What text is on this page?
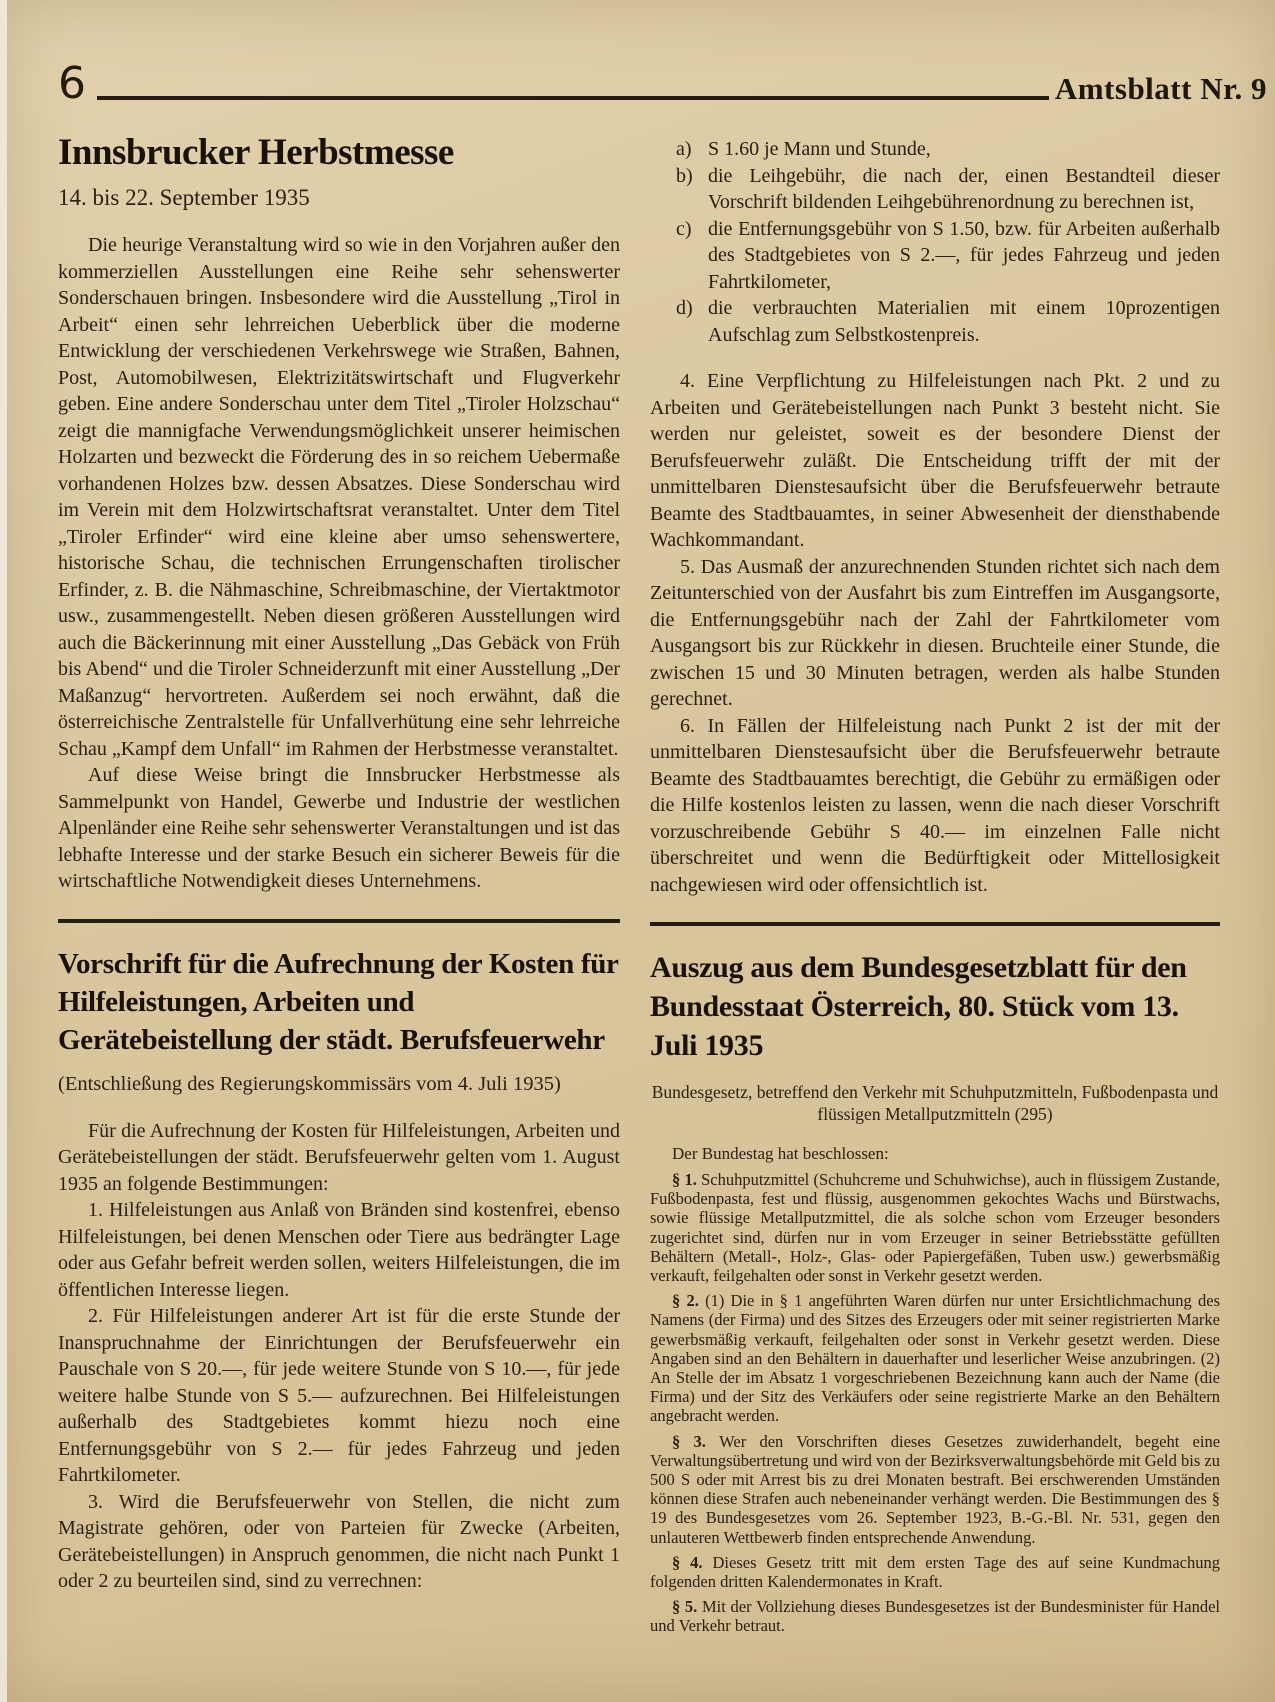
6	Amtsblatt Nr. 9
Innsbrucker Herbstmesse

14. bis 22. September 1935

Die heurige Veranstaltung wird so wie in den Vorjahren außer den kommerziellen Ausstellungen eine Reihe sehr sehenswerter Sonderschauen bringen. Insbesondere wird die Ausstellung „Tirol in Arbeit“ einen sehr lehrreichen Ueberblick über die moderne Entwicklung der verschiedenen Verkehrswege wie Straßen, Bahnen, Post, Automobilwesen, Elektrizitätswirtschaft und Flugverkehr geben. Eine andere Sonderschau unter dem Titel „Tiroler Holzschau“ zeigt die mannigfache Verwendungsmöglichkeit unserer heimischen Holzarten und bezweckt die Förderung des in so reichem Uebermaße vorhandenen Holzes bzw. dessen Absatzes. Diese Sonderschau wird im Verein mit dem Holzwirtschaftsrat veranstaltet. Unter dem Titel „Tiroler Erfinder“ wird eine kleine aber umso sehenswertere, historische Schau, die technischen Errungenschaften tirolischer Erfinder, z. B. die Nähmaschine, Schreibmaschine, der Viertaktmotor usw., zusammengestellt. Neben diesen größeren Ausstellungen wird auch die Bäckerinnung mit einer Ausstellung „Das Gebäck von Früh bis Abend“ und die Tiroler Schneiderzunft mit einer Ausstellung „Der Maßanzug“ hervortreten. Außerdem sei noch erwähnt, daß die österreichische Zentralstelle für Unfallverhütung eine sehr lehrreiche Schau „Kampf dem Unfall“ im Rahmen der Herbstmesse veranstaltet.

Auf diese Weise bringt die Innsbrucker Herbstmesse als Sammelpunkt von Handel, Gewerbe und Industrie der westlichen Alpenländer eine Reihe sehr sehenswerter Veranstaltungen und ist das lebhafte Interesse und der starke Besuch ein sicherer Beweis für die wirtschaftliche Notwendigkeit dieses Unternehmens.

Vorschrift für die Aufrechnung der Kosten für Hilfeleistungen, Arbeiten und Gerätebeistellung der städt. Berufsfeuerwehr

(Entschließung des Regierungskommissärs vom 4. Juli 1935)

Für die Aufrechnung der Kosten für Hilfeleistungen, Arbeiten und Gerätebeistellungen der städt. Berufsfeuerwehr gelten vom 1. August 1935 an folgende Bestimmungen:

1. Hilfeleistungen aus Anlaß von Bränden sind kostenfrei, ebenso Hilfeleistungen, bei denen Menschen oder Tiere aus bedrängter Lage oder aus Gefahr befreit werden sollen, weiters Hilfeleistungen, die im öffentlichen Interesse liegen.

2. Für Hilfeleistungen anderer Art ist für die erste Stunde der Inanspruchnahme der Einrichtungen der Berufsfeuerwehr ein Pauschale von S 20.—, für jede weitere Stunde von S 10.—, für jede weitere halbe Stunde von S 5.— aufzurechnen. Bei Hilfeleistungen außerhalb des Stadtgebietes kommt hiezu noch eine Entfernungsgebühr von S 2.— für jedes Fahrzeug und jeden Fahrtkilometer.

3. Wird die Berufsfeuerwehr von Stellen, die nicht zum Magistrate gehören, oder von Parteien für Zwecke (Arbeiten, Gerätebeistellungen) in Anspruch genommen, die nicht nach Punkt 1 oder 2 zu beurteilen sind, sind zu verrechnen:

a) S 1.60 je Mann und Stunde,

b) die Leihgebühr, die nach der, einen Bestandteil dieser Vorschrift bildenden Leihgebührenordnung zu berechnen ist,

c) die Entfernungsgebühr von S 1.50, bzw. für Arbeiten außerhalb des Stadtgebietes von S 2.—, für jedes Fahrzeug und jeden Fahrtkilometer,

d) die verbrauchten Materialien mit einem 10prozentigen Aufschlag zum Selbstkostenpreis.

4. Eine Verpflichtung zu Hilfeleistungen nach Pkt. 2 und zu Arbeiten und Gerätebeistellungen nach Punkt 3 besteht nicht. Sie werden nur geleistet, soweit es der besondere Dienst der Berufsfeuerwehr zuläßt. Die Entscheidung trifft der mit der unmittelbaren Dienstesaufsicht über die Berufsfeuerwehr betraute Beamte des Stadtbauamtes, in seiner Abwesenheit der diensthabende Wachkommandant.

5. Das Ausmaß der anzurechnenden Stunden richtet sich nach dem Zeitunterschied von der Ausfahrt bis zum Eintreffen im Ausgangsorte, die Entfernungsgebühr nach der Zahl der Fahrtkilometer vom Ausgangsort bis zur Rückkehr in diesen. Bruchteile einer Stunde, die zwischen 15 und 30 Minuten betragen, werden als halbe Stunden gerechnet.

6. In Fällen der Hilfeleistung nach Punkt 2 ist der mit der unmittelbaren Dienstesaufsicht über die Berufsfeuerwehr betraute Beamte des Stadtbauamtes berechtigt, die Gebühr zu ermäßigen oder die Hilfe kostenlos leisten zu lassen, wenn die nach dieser Vorschrift vorzuschreibende Gebühr S 40.— im einzelnen Falle nicht überschreitet und wenn die Bedürftigkeit oder Mittellosigkeit nachgewiesen wird oder offensichtlich ist.

Auszug aus dem Bundesgesetzblatt für den Bundesstaat Österreich, 80. Stück vom 13. Juli 1935

Bundesgesetz, betreffend den Verkehr mit Schuhputzmitteln, Fußbodenpasta und flüssigen Metallputzmitteln (295)

Der Bundestag hat beschlossen:

§ 1. Schuhputzmittel (Schuhcreme und Schuhwichse), auch in flüssigem Zustande, Fußbodenpasta, fest und flüssig, ausgenommen gekochtes Wachs und Bürstwachs, sowie flüssige Metallputzmittel, die als solche schon vom Erzeuger besonders zugerichtet sind, dürfen nur in vom Erzeuger in seiner Betriebsstätte gefüllten Behältern (Metall-, Holz-, Glas- oder Papiergefäßen, Tuben usw.) gewerbsmäßig verkauft, feilgehalten oder sonst in Verkehr gesetzt werden.

§ 2. (1) Die in § 1 angeführten Waren dürfen nur unter Ersichtlichmachung des Namens (der Firma) und des Sitzes des Erzeugers oder mit seiner registrierten Marke gewerbsmäßig verkauft, feilgehalten oder sonst in Verkehr gesetzt werden. Diese Angaben sind an den Behältern in dauerhafter und leserlicher Weise anzubringen. (2) An Stelle der im Absatz 1 vorgeschriebenen Bezeichnung kann auch der Name (die Firma) und der Sitz des Verkäufers oder seine registrierte Marke an den Behältern angebracht werden.

§ 3. Wer den Vorschriften dieses Gesetzes zuwiderhandelt, begeht eine Verwaltungsübertretung und wird von der Bezirksverwaltungsbehörde mit Geld bis zu 500 S oder mit Arrest bis zu drei Monaten bestraft. Bei erschwerenden Umständen können diese Strafen auch nebeneinander verhängt werden. Die Bestimmungen des § 19 des Bundesgesetzes vom 26. September 1923, B.-G.-Bl. Nr. 531, gegen den unlauteren Wettbewerb finden entsprechende Anwendung.

§ 4. Dieses Gesetz tritt mit dem ersten Tage des auf seine Kundmachung folgenden dritten Kalendermonates in Kraft.

§ 5. Mit der Vollziehung dieses Bundesgesetzes ist der Bundesminister für Handel und Verkehr betraut.
